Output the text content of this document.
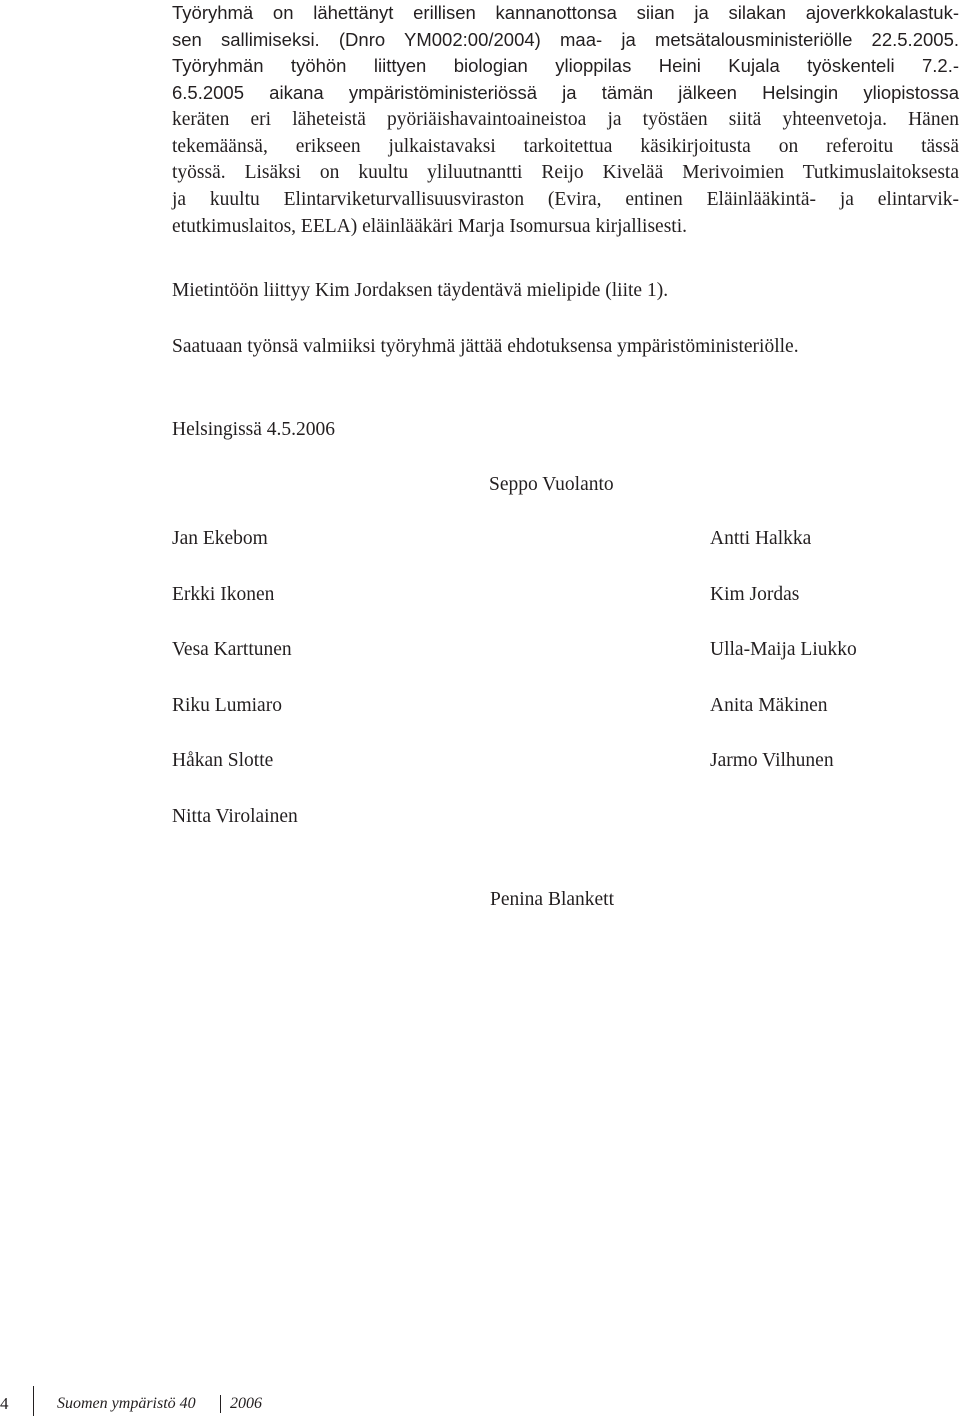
Työryhmä on lähettänyt erillisen kannanottonsa siian ja silakan ajoverkkokalastuk-
sen sallimiseksi. (Dnro YM002:00/2004) maa- ja metsätalousministeriölle 22.5.2005.
Työryhmän työhön liittyen biologian ylioppilas Heini Kujala työskenteli 7.2.-
6.5.2005 aikana ympäristöministeriössä ja tämän jälkeen Helsingin yliopistossa
keräten eri läheteistä pyöriäishavaintoaineistoa ja työstäen siitä yhteenvetoja. Hänen
tekemäänsä, erikseen julkaistavaksi tarkoitettua käsikirjoitusta on referoitu tässä
työssä. Lisäksi on kuultu yliluutnantti Reijo Kivelää Merivoimien Tutkimuslaitoksesta
ja kuultu Elintarviketurvallisuusviraston (Evira, entinen Eläinlääkintä- ja elintarvik-
etutkimuslaitos, EELA) eläinlääkäri Marja Isomursua kirjallisesti.
Mietintöön liittyy Kim Jordaksen täydentävä mielipide (liite 1).
Saatuaan työnsä valmiiksi työryhmä jättää ehdotuksensa ympäristöministeriölle.
Helsingissä 4.5.2006
Seppo Vuolanto
Jan Ekebom
Erkki Ikonen
Vesa Karttunen
Riku Lumiaro
Håkan Slotte
Nitta Virolainen
Antti Halkka
Kim Jordas
Ulla-Maija Liukko
Anita Mäkinen
Jarmo Vilhunen
Penina Blankett
4	Suomen ympäristö 40 2006
